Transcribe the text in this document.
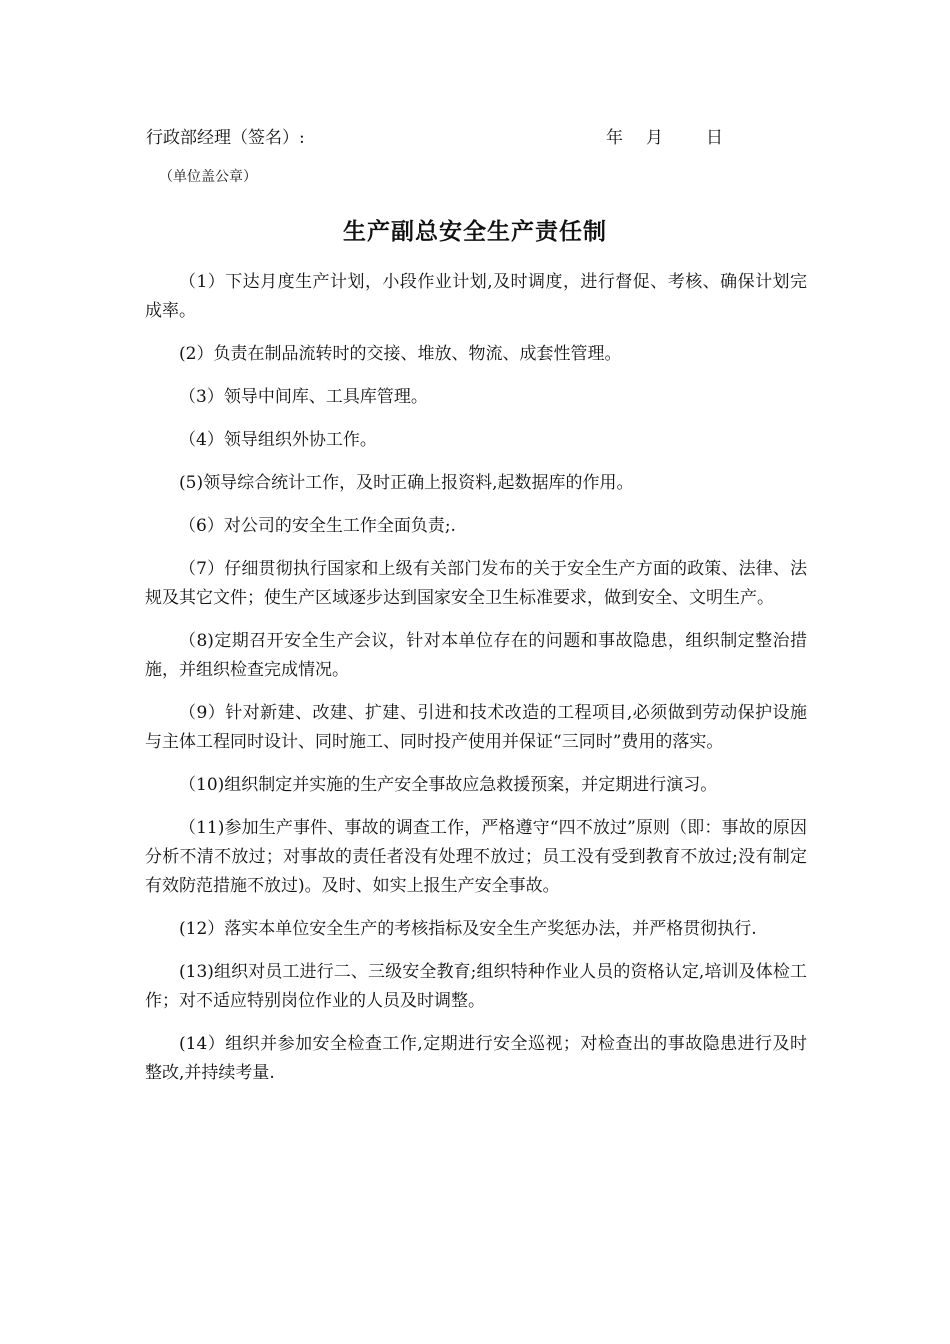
行政部经理（签名）:	年 月	日
（单位盖公章）
生产副总安全生产责任制

（1）下达月度生产计划，小段作业计划,及时调度，进行督促、考核、确保计划完成率。

(2）负责在制品流转时的交接、堆放、物流、成套性管理。

（3）领导中间库、工具库管理。

（4）领导组织外协工作。

(5)领导综合统计工作，及时正确上报资料,起数据库的作用。

（6）对公司的安全生工作全面负责;.

（7）仔细贯彻执行国家和上级有关部门发布的关于安全生产方面的政策、法律、法规及其它文件；使生产区域逐步达到国家安全卫生标准要求，做到安全、文明生产。

（8)定期召开安全生产会议，针对本单位存在的问题和事故隐患，组织制定整治措施，并组织检查完成情况。

（9）针对新建、改建、扩建、引进和技术改造的工程项目,必须做到劳动保护设施与主体工程同时设计、同时施工、同时投产使用并保证“三同时”费用的落实。

（10)组织制定并实施的生产安全事故应急救援预案，并定期进行演习。

（11)参加生产事件、事故的调查工作，严格遵守“四不放过”原则（即：事故的原因分析不清不放过；对事故的责任者没有处理不放过；员工没有受到教育不放过;没有制定有效防范措施不放过)。及时、如实上报生产安全事故。

(12）落实本单位安全生产的考核指标及安全生产奖惩办法，并严格贯彻执行.

(13)组织对员工进行二、三级安全教育;组织特种作业人员的资格认定,培训及体检工作；对不适应特别岗位作业的人员及时调整。

(14）组织并参加安全检查工作,定期进行安全巡视；对检查出的事故隐患进行及时整改,并持续考量.
